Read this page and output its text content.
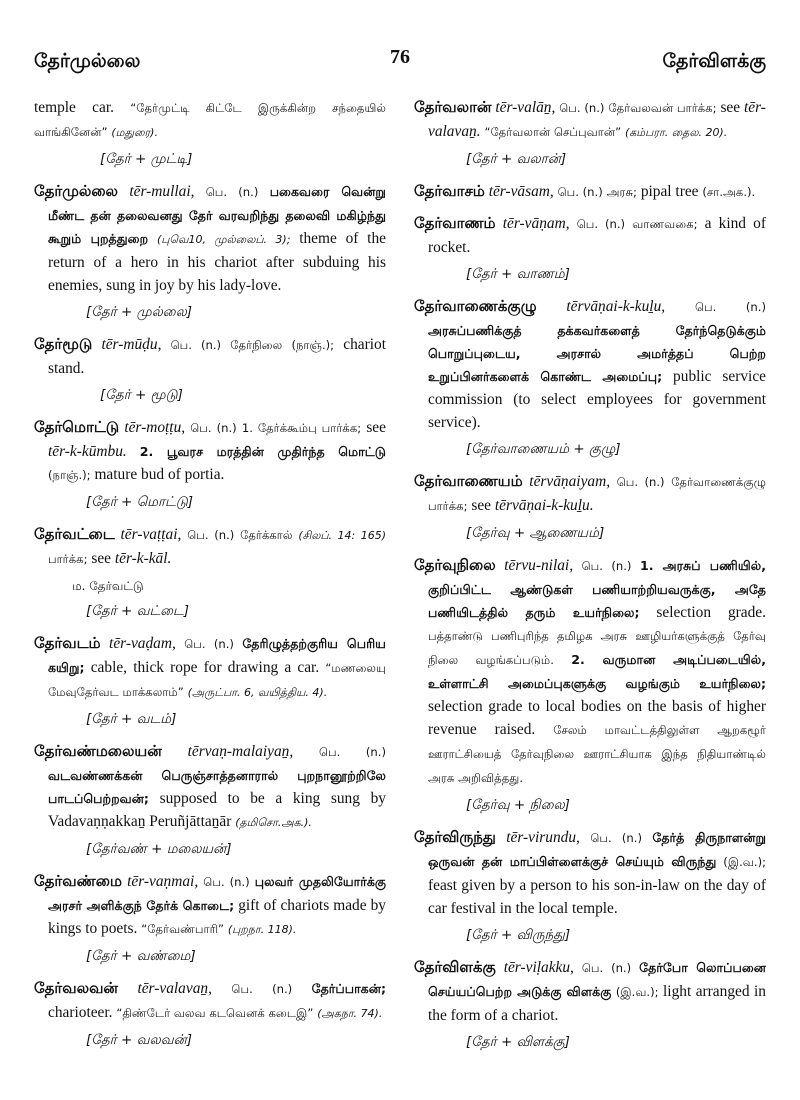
தேர்முல்லை	76	தேர்விளக்கு

temple car. “தேர்முட்டி கிட்டே இருக்கின்ற சந்தையில் வாங்கினேன்” (மதுரை).

[தேர் + முட்டி]

தேர்முல்லை tēr-mullai, பெ. (n.) பகைவரை வென்று மீண்ட தன் தலைவனது தேர் வரவறிந்து தலைவி மகிழ்ந்து கூறும் புறத்துறை (புவெ10, முல்லைப். 3); theme of the return of a hero in his chariot after subduing his enemies, sung in joy by his lady-love.

[தேர் + முல்லை]

தேர்மூடு tēr-mūḍu, பெ. (n.) தேர்நிலை (நாஞ்.); chariot stand.

[தேர் + மூடு]

தேர்மொட்டு tēr-moṭṭu, பெ. (n.) 1. தேர்க்கூம்பு பார்க்க; see tēr-k-kūmbu. 2. பூவரச மரத்தின் முதிர்ந்த மொட்டு (நாஞ்.); mature bud of portia.

[தேர் + மொட்டு]

தேர்வட்டை tēr-vaṭṭai, பெ. (n.) தேர்க்கால் (சிலப். 14: 165) பார்க்க; see tēr-k-kāl.

ம. தேர்வட்டு
[தேர் + வட்டை]

தேர்வடம் tēr-vaḍam, பெ. (n.) தேரிழுத்தற்குரிய பெரிய கயிறு; cable, thick rope for drawing a car. “மணலையு மேவுதேர்வட மாக்கலாம்” (அருட்பா. 6, வயித்திய. 4).

[தேர் + வடம்]

தேர்வண்மலையன் tērvaṇ-malaiyaṉ, பெ. (n.) வடவண்ணக்கன் பெருஞ்சாத்தனாரால் புறநானூற்றிலே பாடப்பெற்றவன்; supposed to be a king sung by Vadavaṇṇakkaṉ Peruñjāttaṉār (தமிசொ.அக.).

[தேர்வண் + மலையன்]

தேர்வண்மை tēr-vaṇmai, பெ. (n.) புலவர் முதலியோர்க்கு அரசர் அளிக்குந் தேர்க் கொடை; gift of chariots made by kings to poets. “தேர்வண்பாரி” (புறநா. 118).

[தேர் + வண்மை]

தேர்வலவன் tēr-valavaṉ, பெ. (n.) தேர்ப்பாகன்; charioteer. “திண்டேர் வலவ கடவெனக் கடைஇ” (அகநா. 74).

[தேர் + வலவன்]

தேர்வலான் tēr-valāṉ, பெ. (n.) தேர்வலவன் பார்க்க; see tēr-valavaṉ. “தேர்வலான் செப்புவான்” (கம்பரா. தைல. 20).

[தேர் + வலான்]

தேர்வாசம் tēr-vāsam, பெ. (n.) அரசு; pipal tree (சா.அக.).

தேர்வாணம் tēr-vāṇam, பெ. (n.) வாணவகை; a kind of rocket.

[தேர் + வாணம்]

தேர்வாணைக்குழு tērvāṇai-k-kuḻu,	பெ. (n.) அரசுப்பணிக்குத் தக்கவர்களைத் தேர்ந்தெடுக்கும் பொறுப்புடைய, அரசால் அமர்த்தப் பெற்ற உறுப்பினர்களைக் கொண்ட அமைப்பு; public service commission (to select employees for government service).

[தேர்வாணையம் + குழு]

தேர்வாணையம் tērvāṇaiyam, பெ. (n.) தேர்வாணைக்குழு பார்க்க; see tērvāṇai-k-kuḻu.

[தேர்வு + ஆணையம்]

தேர்வுநிலை tērvu-nilai, பெ. (n.) 1. அரசுப் பணியில், குறிப்பிட்ட ஆண்டுகள் பணியாற்றியவருக்கு, அதே பணியிடத்தில் தரும் உயர்நிலை; selection grade. பத்தாண்டு பணிபுரிந்த தமிழக அரசு ஊழியர்களுக்குத் தேர்வு நிலை வழங்கப்படும். 2. வருமான அடிப்படையில், உள்ளாட்சி அமைப்புகளுக்கு வழங்கும் உயர்நிலை; selection grade to local bodies on the basis of higher revenue raised. சேலம் மாவட்டத்திலுள்ள ஆறகழூர் ஊராட்சியைத் தேர்வுநிலை ஊராட்சியாக இந்த நிதியாண்டில் அரசு அறிவித்தது.

[தேர்வு + நிலை]

தேர்விருந்து tēr-virundu, பெ. (n.) தேர்த் திருநாளன்று ஒருவன் தன் மாப்பிள்ளைக்குச் செய்யும் விருந்து (இ.வ.); feast given by a person to his son-in-law on the day of car festival in the local temple.

[தேர் + விருந்து]

தேர்விளக்கு tēr-viḷakku, பெ. (n.) தேர்போ லொப்பனை செய்யப்பெற்ற அடுக்கு விளக்கு (இ.வ.); light arranged in the form of a chariot.

[தேர் + விளக்கு]
